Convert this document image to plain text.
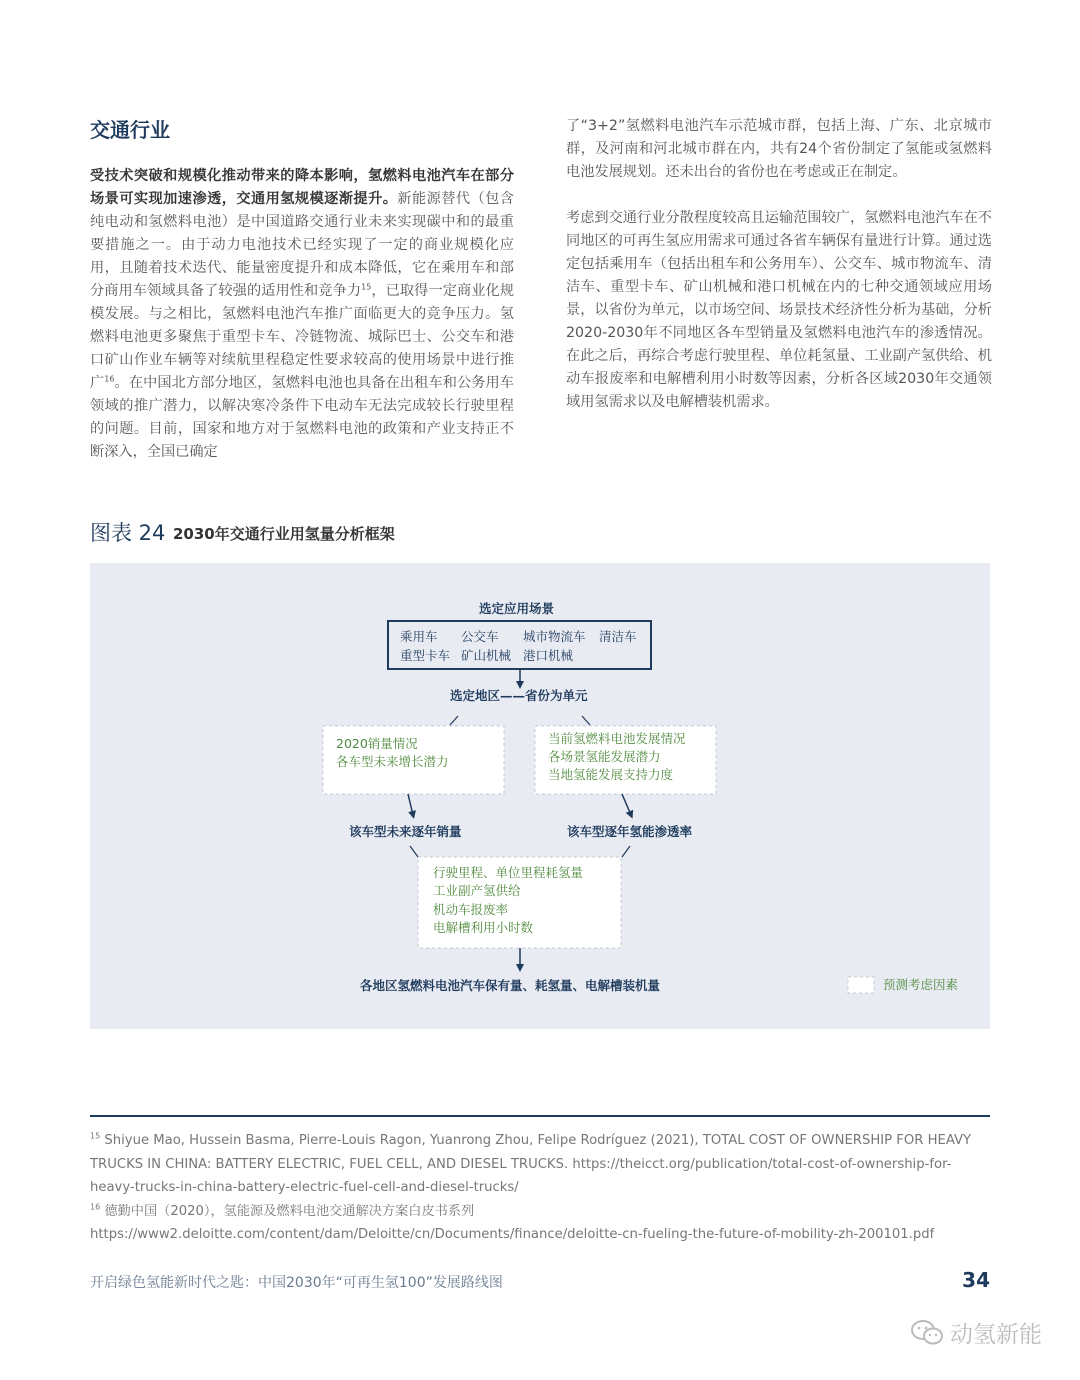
交通行业

受技术突破和规模化推动带来的降本影响，氢燃料电池汽车在部分场景可实现加速渗透，交通用氢规模逐渐提升。新能源替代（包含纯电动和氢燃料电池）是中国道路交通行业未来实现碳中和的最重要措施之一。由于动力电池技术已经实现了一定的商业规模化应用，且随着技术迭代、能量密度提升和成本降低，它在乘用车和部分商用车领域具备了较强的适用性和竞争力$^{15}$，已取得一定商业化规模发展。与之相比，氢燃料电池汽车推广面临更大的竞争压力。氢燃料电池更多聚焦于重型卡车、冷链物流、城际巴士、公交车和港口矿山作业车辆等对续航里程稳定性要求较高的使用场景中进行推广$^{16}$。在中国北方部分地区，氢燃料电池也具备在出租车和公务用车领域的推广潜力，以解决寒冷条件下电动车无法完成较长行驶里程的问题。目前，国家和地方对于氢燃料电池的政策和产业支持正不断深入，全国已确定

了“3+2”氢燃料电池汽车示范城市群，包括上海、广东、北京城市群，及河南和河北城市群在内，共有24个省份制定了氢能或氢燃料电池发展规划。还未出台的省份也在考虑或正在制定。

考虑到交通行业分散程度较高且运输范围较广，氢燃料电池汽车在不同地区的可再生氢应用需求可通过各省车辆保有量进行计算。通过选定包括乘用车（包括出租车和公务用车）、公交车、城市物流车、清洁车、重型卡车、矿山机械和港口机械在内的七种交通领域应用场景，以省份为单元，以市场空间、场景技术经济性分析为基础，分析2020-2030年不同地区各车型销量及氢燃料电池汽车的渗透情况。在此之后，再综合考虑行驶里程、单位耗氢量、工业副产氢供给、机动车报废率和电解槽利用小时数等因素，分析各区域2030年交通领域用氢需求以及电解槽装机需求。

图表 24 2030年交通行业用氢量分析框架
选定应用场景
乘用车 公交车 城市物流车 清洁车
重型卡车 矿山机械 港口机械
选定地区——省份为单元
2020销量情况
各车型未来增长潜力
当前氢燃料电池发展情况
各场景氢能发展潜力
当地氢能发展支持力度
该车型未来逐年销量	该车型逐年氢能渗透率
行驶里程、单位里程耗氢量
工业副产氢供给
机动车报废率
电解槽利用小时数
各地区氢燃料电池汽车保有量、耗氢量、电解槽装机量	预测考虑因素

$^{15}$ Shiyue Mao, Hussein Basma, Pierre-Louis Ragon, Yuanrong Zhou, Felipe Rodríguez (2021), TOTAL COST OF OWNERSHIP FOR HEAVY TRUCKS IN CHINA: BATTERY ELECTRIC, FUEL CELL, AND DIESEL TRUCKS. https://theicct.org/publication/total-cost-of-ownership-for-heavy-trucks-in-china-battery-electric-fuel-cell-and-diesel-trucks/

$^{16}$ 德勤中国（2020），氢能源及燃料电池交通解决方案白皮书系列https://www2.deloitte.com/content/dam/Deloitte/cn/Documents/finance/deloitte-cn-fueling-the-future-of-mobility-zh-200101.pdf

开启绿色氢能新时代之匙：中国2030年“可再生氢100”发展路线图	34
动氢新能
